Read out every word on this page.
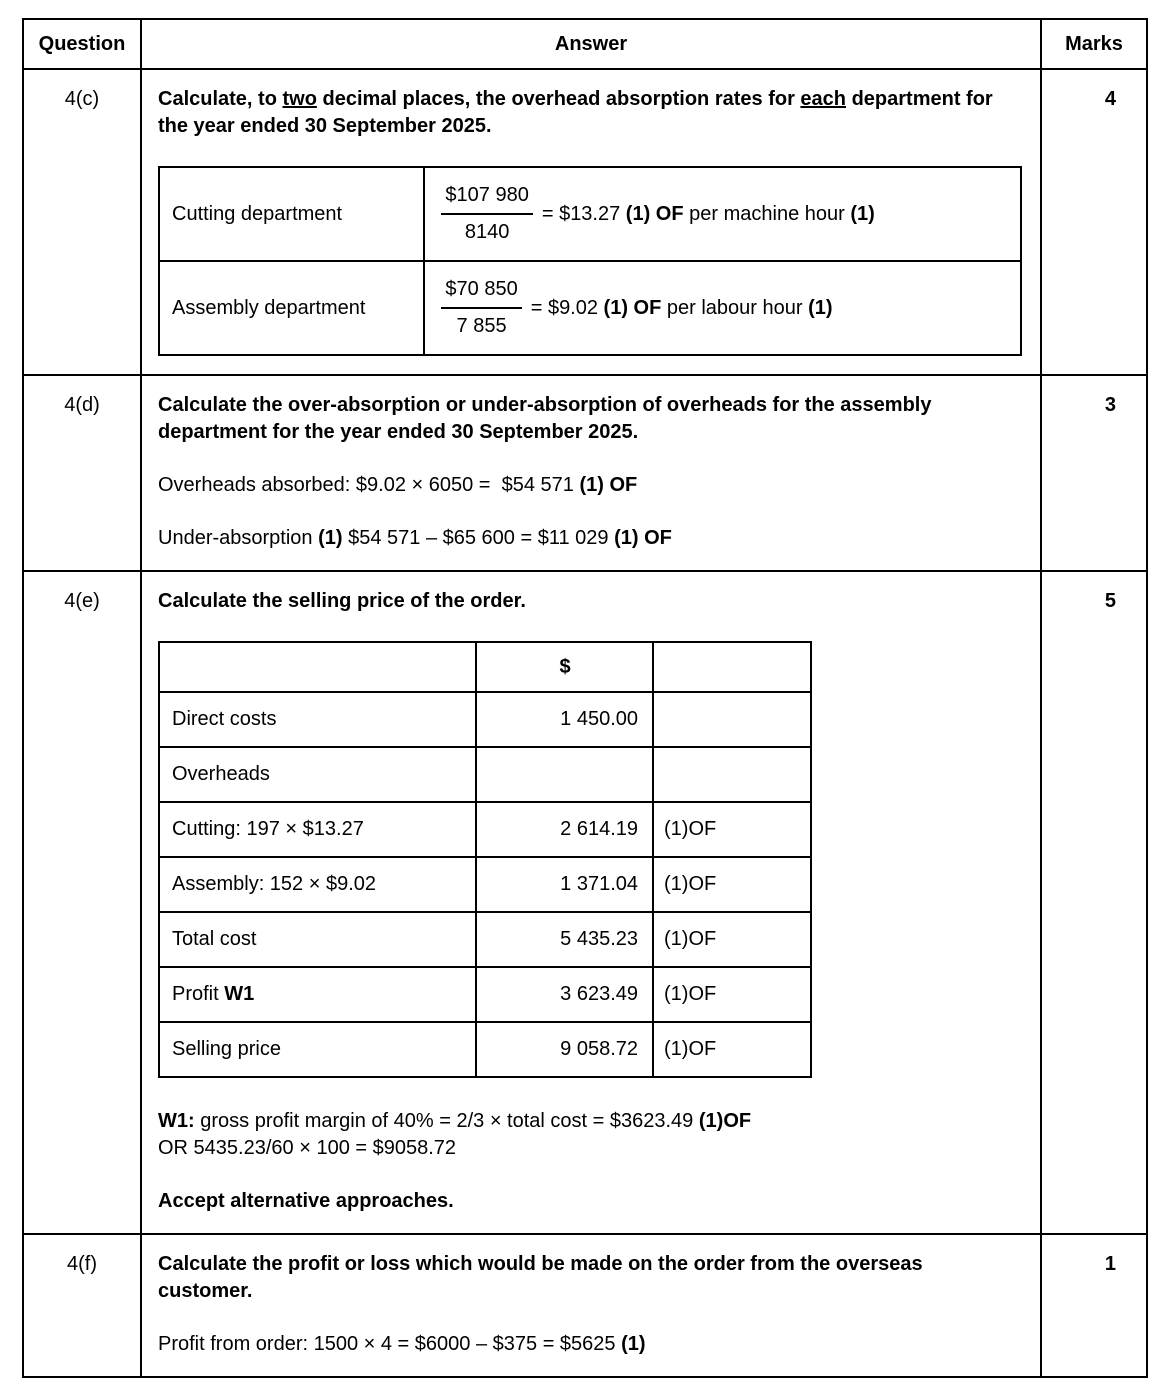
Question	Answer	Marks
4(c)	Calculate, to two decimal places, the overhead absorption rates for each department for the year ended 30 September 2025.

Cutting department	$\frac{\$107 980}{8140}$ = $13.27 (1) OF per machine hour (1)

Assembly department	$\frac{\$70 850}{7 855}$ = $9.02 (1) OF per labour hour (1)
	4
4(d)	Calculate the over-absorption or under-absorption of overheads for the assembly department for the year ended 30 September 2025.

Overheads absorbed: $9.02 × 6050 =  $54 571 (1) OF

Under-absorption (1) $54 571 – $65 600 = $11 029 (1) OF

	3
4(e)	Calculate the selling price of the order.

	$	
Direct costs	1 450.00	
Overheads		
Cutting: 197 × $13.27	2 614.19	(1)OF
Assembly: 152 × $9.02	1 371.04	(1)OF
Total cost	5 435.23	(1)OF
Profit W1	3 623.49	(1)OF
Selling price	9 058.72	(1)OF

W1: gross profit margin of 40% = 2/3 × total cost = $3623.49 (1)OF

OR 5435.23/60 × 100 = $9058.72

Accept alternative approaches.

	5
4(f)	Calculate the profit or loss which would be made on the order from the overseas customer.

Profit from order: 1500 × 4 = $6000 – $375 = $5625 (1)

	1
